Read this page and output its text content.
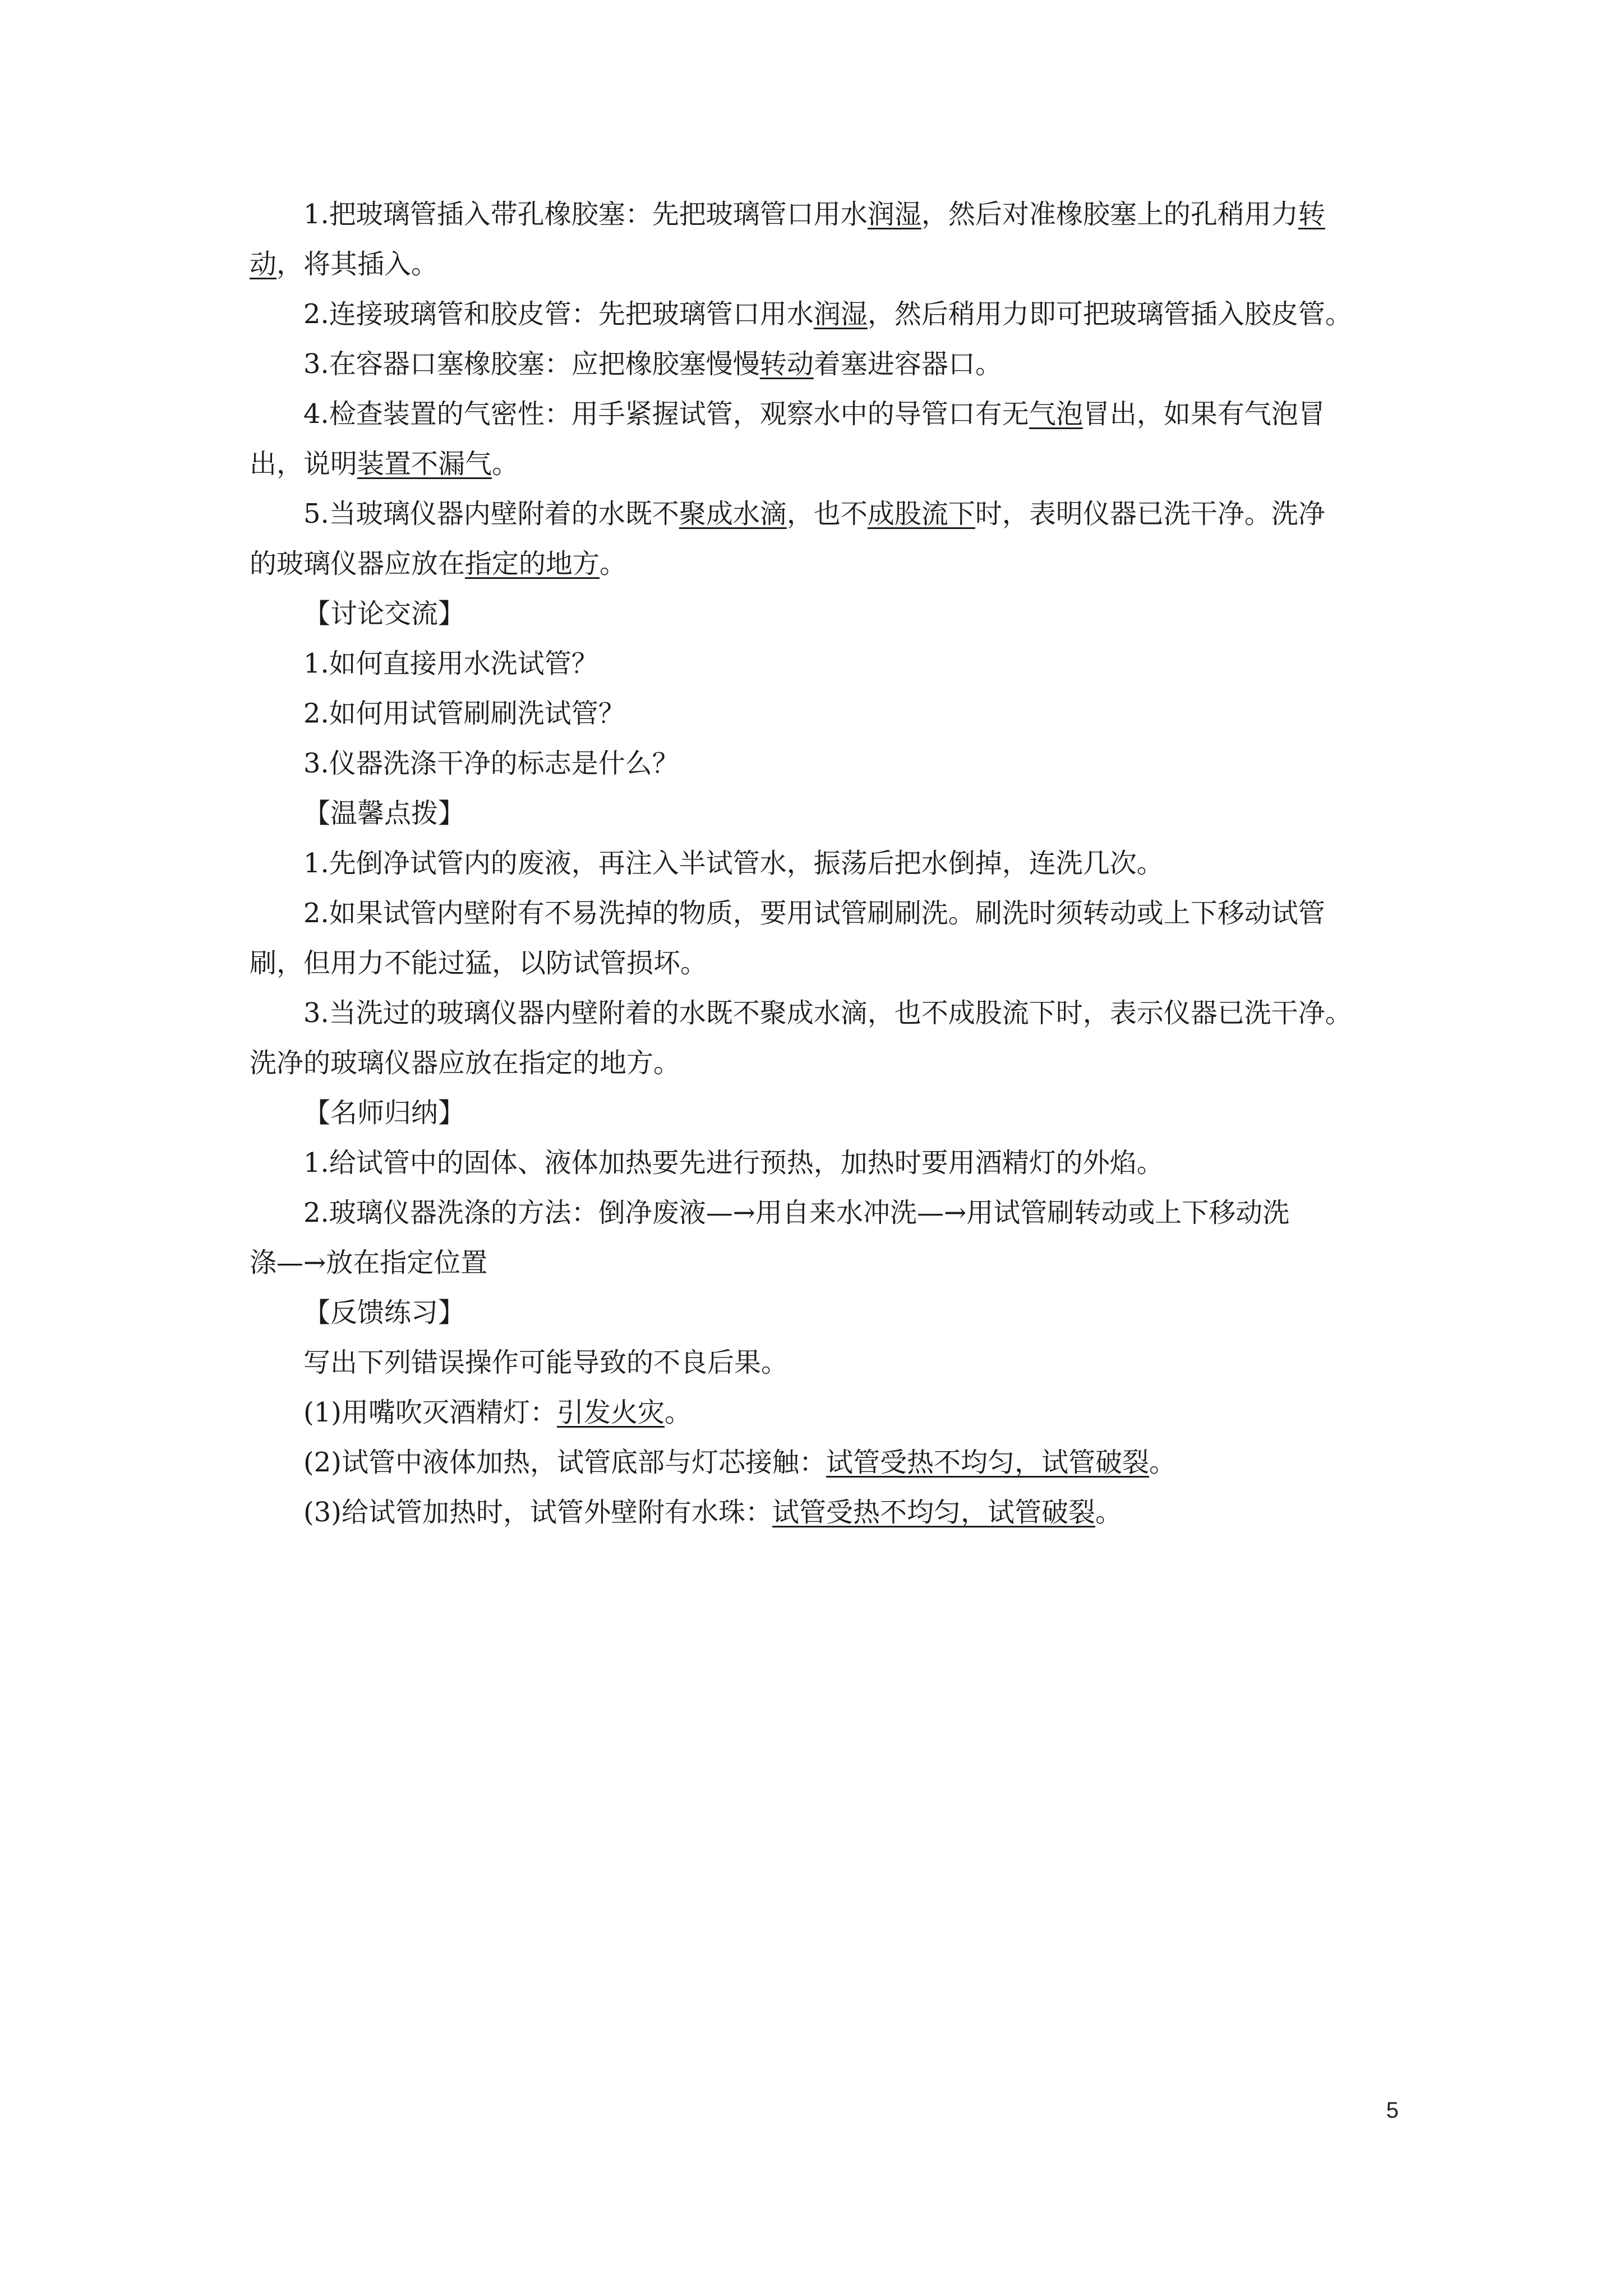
1.把玻璃管插入带孔橡胶塞：先把玻璃管口用水润湿，然后对准橡胶塞上的孔稍用力转

动，将其插入。

2.连接玻璃管和胶皮管：先把玻璃管口用水润湿，然后稍用力即可把玻璃管插入胶皮管。

3.在容器口塞橡胶塞：应把橡胶塞慢慢转动着塞进容器口。

4.检查装置的气密性：用手紧握试管，观察水中的导管口有无气泡冒出，如果有气泡冒

出，说明装置不漏气。

5.当玻璃仪器内壁附着的水既不聚成水滴，也不成股流下时，表明仪器已洗干净。洗净

的玻璃仪器应放在指定的地方。

【讨论交流】

1.如何直接用水洗试管？

2.如何用试管刷刷洗试管？

3.仪器洗涤干净的标志是什么？

【温馨点拨】

1.先倒净试管内的废液，再注入半试管水，振荡后把水倒掉，连洗几次。

2.如果试管内壁附有不易洗掉的物质，要用试管刷刷洗。刷洗时须转动或上下移动试管

刷，但用力不能过猛，以防试管损坏。

3.当洗过的玻璃仪器内壁附着的水既不聚成水滴，也不成股流下时，表示仪器已洗干净。

洗净的玻璃仪器应放在指定的地方。

【名师归纳】

1.给试管中的固体、液体加热要先进行预热，加热时要用酒精灯的外焰。

2.玻璃仪器洗涤的方法：倒净废液—→用自来水冲洗—→用试管刷转动或上下移动洗

涤—→放在指定位置

【反馈练习】

写出下列错误操作可能导致的不良后果。

(1)用嘴吹灭酒精灯：引发火灾。

(2)试管中液体加热，试管底部与灯芯接触：试管受热不均匀，试管破裂。

(3)给试管加热时，试管外壁附有水珠：试管受热不均匀，试管破裂。

5
